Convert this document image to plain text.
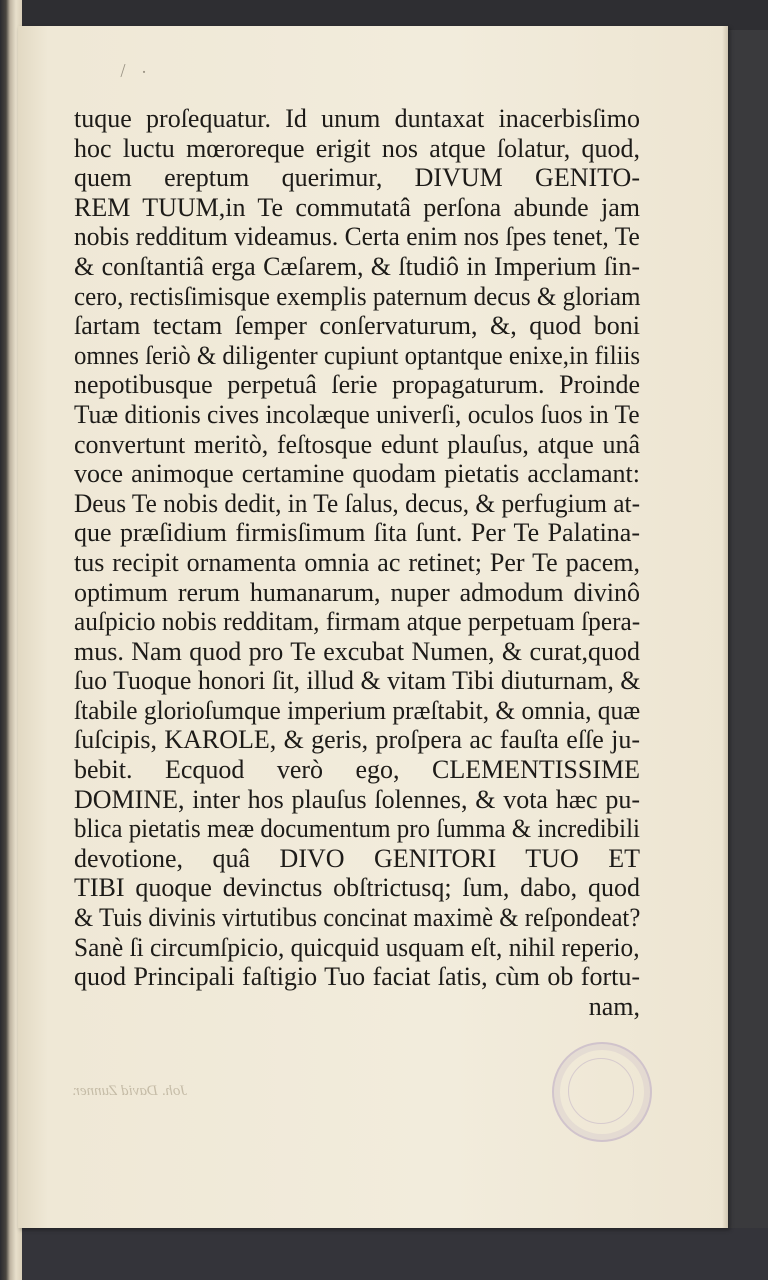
/ .
tuque proſequatur. Id unum duntaxat inacerbisſimo
hoc luctu mœroreque erigit nos atque ſolatur, quod,
quem ereptum querimur, DIVUM GENITO-
REM TUUM,in Te commutatâ perſona abunde jam
nobis redditum videamus. Certa enim nos ſpes tenet, Te
& conſtantiâ erga Cæſarem, & ſtudiô in Imperium ſin-
cero, rectisſimisque exemplis paternum decus & gloriam
ſartam tectam ſemper conſervaturum, &, quod boni
omnes ſeriò & diligenter cupiunt optantque enixe,in filiis
nepotibusque perpetuâ ſerie propagaturum. Proinde
Tuæ ditionis cives incolæque univerſi, oculos ſuos in Te
convertunt meritò, feſtosque edunt plauſus, atque unâ
voce animoque certamine quodam pietatis acclamant:
Deus Te nobis dedit, in Te ſalus, decus, & perfugium at-
que præſidium firmisſimum ſita ſunt. Per Te Palatina-
tus recipit ornamenta omnia ac retinet; Per Te pacem,
optimum rerum humanarum, nuper admodum divinô
auſpicio nobis redditam, firmam atque perpetuam ſpera-
mus. Nam quod pro Te excubat Numen, & curat,quod
ſuo Tuoque honori ſit, illud & vitam Tibi diuturnam, &
ſtabile glorioſumque imperium præſtabit, & omnia, quæ
ſuſcipis, KAROLE, & geris, proſpera ac fauſta eſſe ju-
bebit. Ecquod verò ego, CLEMENTISSIME
DOMINE, inter hos plauſus ſolennes, & vota hæc pu-
blica pietatis meæ documentum pro ſumma & incredibili
devotione, quâ DIVO GENITORI TUO ET
TIBI quoque devinctus obſtrictusq; ſum, dabo, quod
& Tuis divinis virtutibus concinat maximè & reſpondeat?
Sanè ſi circumſpicio, quicquid usquam eſt, nihil reperio,
quod Principali faſtigio Tuo faciat ſatis, cùm ob fortu-
nam,
Joh. David Zunner.
